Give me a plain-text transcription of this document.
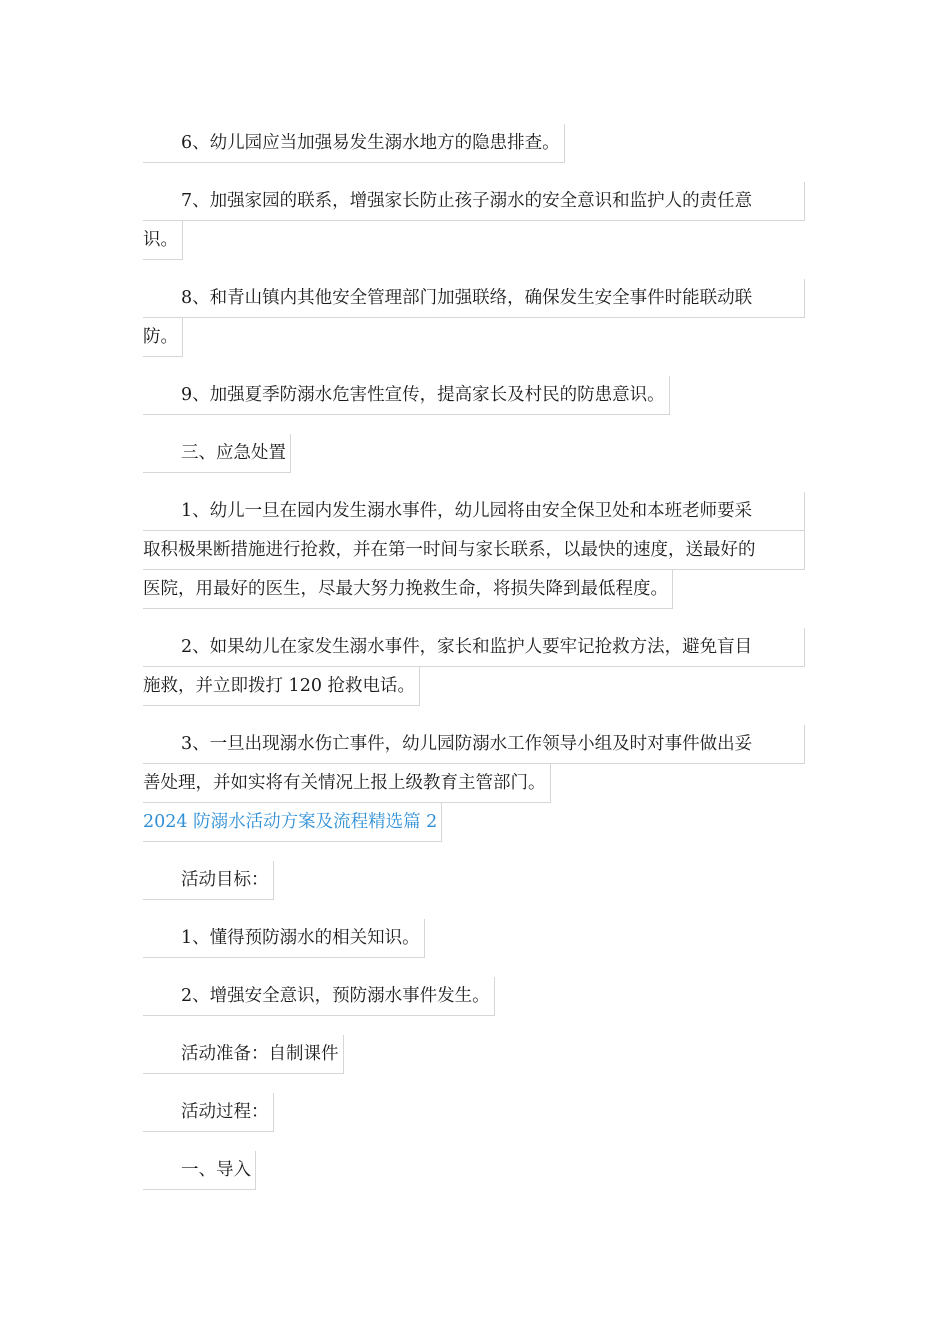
6、幼儿园应当加强易发生溺水地方的隐患排查。
7、加强家园的联系，增强家长防止孩子溺水的安全意识和监护人的责任意
识。
8、和青山镇内其他安全管理部门加强联络，确保发生安全事件时能联动联
防。
9、加强夏季防溺水危害性宣传，提高家长及村民的防患意识。
三、应急处置
1、幼儿一旦在园内发生溺水事件，幼儿园将由安全保卫处和本班老师要采
取积极果断措施进行抢救，并在第一时间与家长联系，以最快的速度，送最好的
医院，用最好的医生，尽最大努力挽救生命，将损失降到最低程度。
2、如果幼儿在家发生溺水事件，家长和监护人要牢记抢救方法，避免盲目
施救，并立即拨打 120 抢救电话。
3、一旦出现溺水伤亡事件，幼儿园防溺水工作领导小组及时对事件做出妥
善处理，并如实将有关情况上报上级教育主管部门。
2024 防溺水活动方案及流程精选篇 2
活动目标：
1、懂得预防溺水的相关知识。
2、增强安全意识，预防溺水事件发生。
活动准备：自制课件
活动过程：
一、导入
